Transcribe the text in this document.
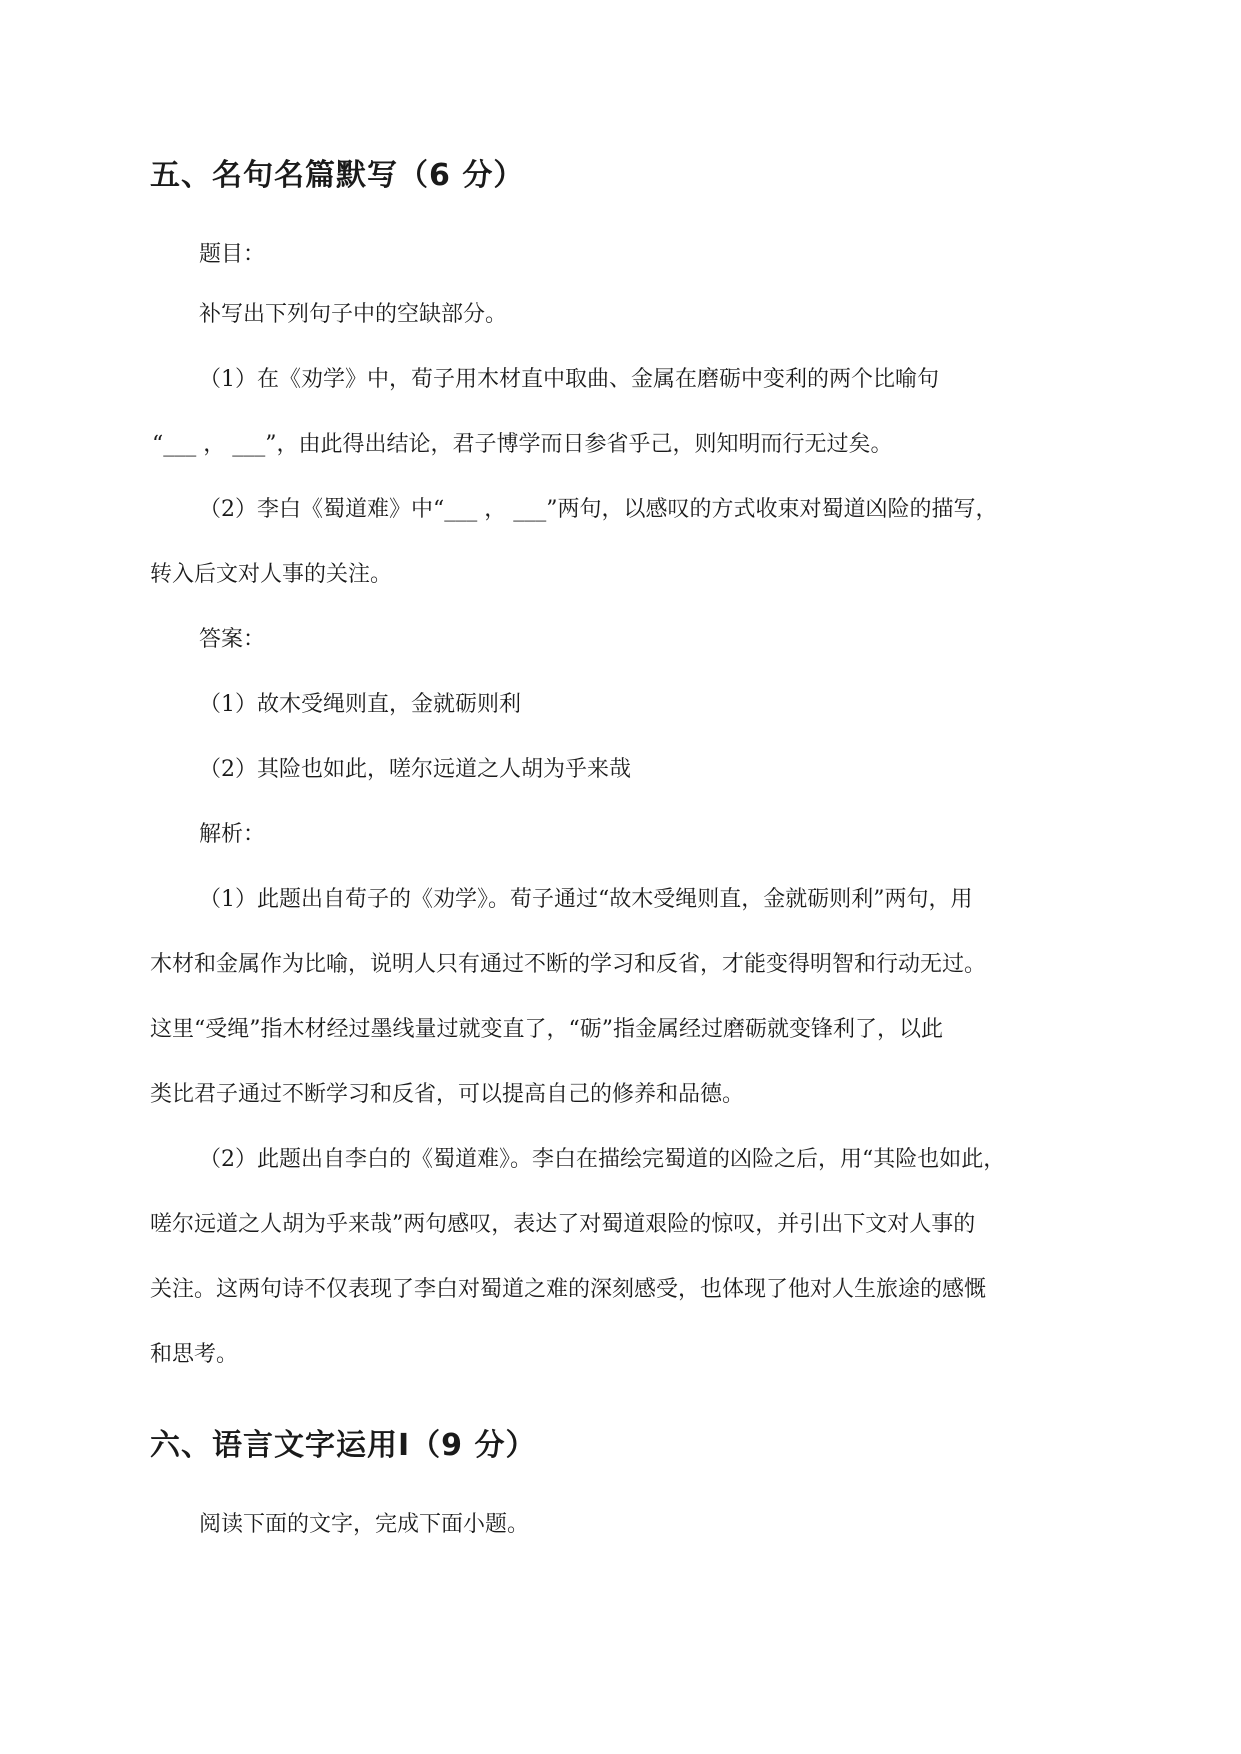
五、名句名篇默写（6 分）

题目：

补写出下列句子中的空缺部分。

（1）在《劝学》中，荀子用木材直中取曲、金属在磨砺中变利的两个比喻句

“___ ， ___”，由此得出结论，君子博学而日参省乎己，则知明而行无过矣。

（2）李白《蜀道难》中“___ ， ___”两句，以感叹的方式收束对蜀道凶险的描写，

转入后文对人事的关注。

答案：

（1）故木受绳则直，金就砺则利

（2）其险也如此，嗟尔远道之人胡为乎来哉

解析：

（1）此题出自荀子的《劝学》。荀子通过“故木受绳则直，金就砺则利”两句，用

木材和金属作为比喻，说明人只有通过不断的学习和反省，才能变得明智和行动无过。

这里“受绳”指木材经过墨线量过就变直了，“砺”指金属经过磨砺就变锋利了，以此

类比君子通过不断学习和反省，可以提高自己的修养和品德。

（2）此题出自李白的《蜀道难》。李白在描绘完蜀道的凶险之后，用“其险也如此，

嗟尔远道之人胡为乎来哉”两句感叹，表达了对蜀道艰险的惊叹，并引出下文对人事的

关注。这两句诗不仅表现了李白对蜀道之难的深刻感受，也体现了他对人生旅途的感慨

和思考。

六、语言文字运用Ⅰ（9 分）

阅读下面的文字，完成下面小题。
